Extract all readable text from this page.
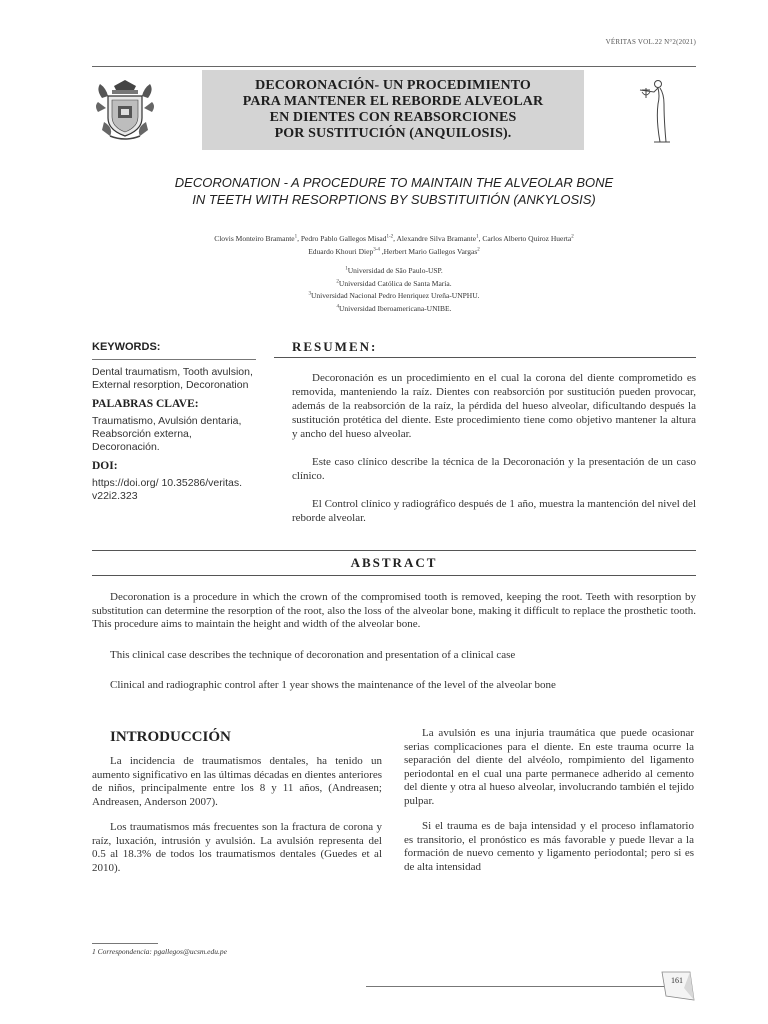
VÉRITAS VOL.22 N°2(2021)
DECORONACIÓN- UN PROCEDIMIENTO
PARA MANTENER EL REBORDE ALVEOLAR
EN DIENTES CON REABSORCIONES
POR SUSTITUCIÓN (ANQUILOSIS).
DECORONATION - A PROCEDURE TO MAINTAIN THE ALVEOLAR BONE
IN TEETH WITH RESORPTIONS BY SUBSTITUITIÓN (ANKYLOSIS)
Clovis Monteiro Bramante$^1$, Pedro Pablo Gallegos Misad$^{1-2}$, Alexandre Silva Bramante$^1$, Carlos Alberto Quiroz Huerta$^2$
Eduardo Khouri Diep$^{3-4}$ ,Herbert Mario Gallegos Vargas$^2$
$^1$Universidad de São Paulo-USP.
$^2$Universidad Católica de Santa María.
$^3$Universidad Nacional Pedro Henriquez Ureña-UNPHU.
$^4$Universidad Iberoamericana-UNIBE.
KEYWORDS:

Dental traumatism, Tooth avulsion, External resorption, Decoronation

PALABRAS CLAVE:

Traumatismo, Avulsión dentaria, Reabsorción externa, Decoronación.

DOI:

https://doi.org/ 10.35286/veritas. v22i2.323

RESUMEN:

Decoronación es un procedimiento en el cual la corona del diente comprometido es removida, manteniendo la raíz. Dientes con reabsorción por sustitución pueden provocar, además de la reabsorción de la raíz, la pérdida del hueso alveolar, dificultando después la sustitución protética del diente. Este procedimiento tiene como objetivo mantener la altura y ancho del hueso alveolar.

Este caso clínico describe la técnica de la Decoronación y la presentación de un caso clínico.

El Control clínico y radiográfico después de 1 año, muestra la mantención del nivel del reborde alveolar.

ABSTRACT

Decoronation is a procedure in which the crown of the compromised tooth is removed, keeping the root. Teeth with resorption by substitution can determine the resorption of the root, also the loss of the alveolar bone, making it difficult to replace the prosthetic tooth. This procedure aims to maintain the height and width of the alveolar bone.

This clinical case describes the technique of decoronation and presentation of a clinical case

Clinical and radiographic control after 1 year shows the maintenance of the level of the alveolar bone

INTRODUCCIÓN

La incidencia de traumatismos dentales, ha tenido un aumento significativo en las últimas décadas en dientes anteriores de niños, principalmente entre los 8 y 11 años, (Andreasen; Andreasen, Anderson 2007).

Los traumatismos más frecuentes son la fractura de corona y raíz, luxación, intrusión y avulsión. La avulsión representa del 0.5 al 18.3% de todos los traumatismos dentales (Guedes et al 2010).

La avulsión es una injuria traumática que puede ocasionar serias complicaciones para el diente. En este trauma ocurre la separación del diente del alvéolo, rompimiento del ligamento periodontal en el cual una parte permanece adherido al cemento del diente y otra al hueso alveolar, involucrando también el tejido pulpar.

Si el trauma es de baja intensidad y el proceso inflamatorio es transitorio, el pronóstico es más favorable y puede llevar a la formación de nuevo cemento y ligamento periodontal; pero si es de alta intensidad

1 Correspondencia: pgallegos@ucsm.edu.pe
161
